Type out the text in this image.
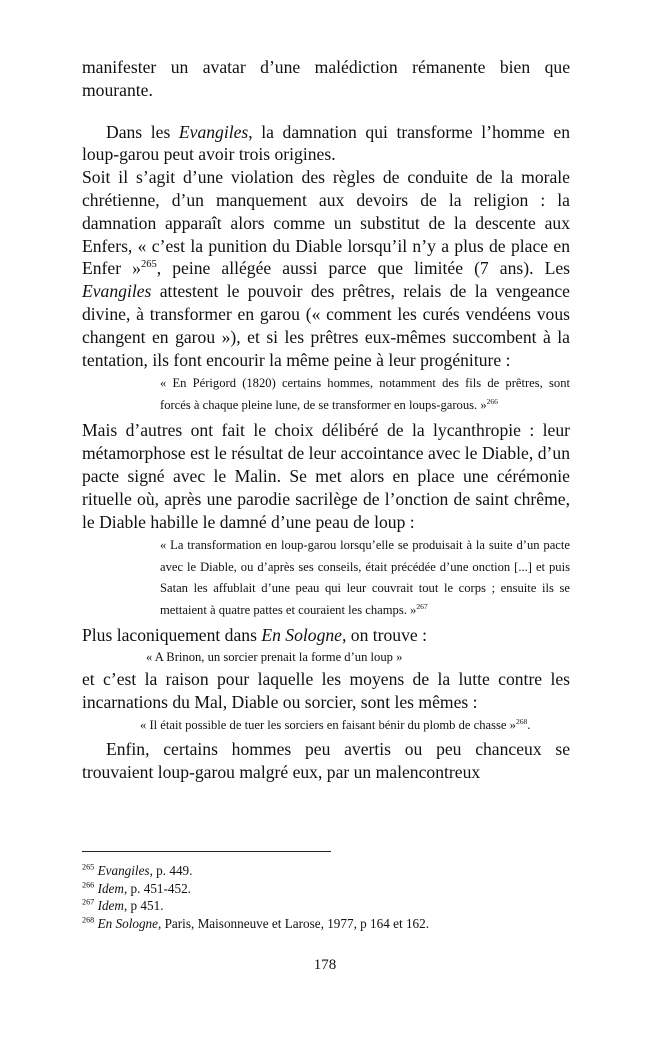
manifester un avatar d’une malédiction rémanente bien que mourante.

Dans les Evangiles, la damnation qui transforme l’homme en loup-garou peut avoir trois origines.

Soit il s’agit d’une violation des règles de conduite de la morale chrétienne, d’un manquement aux devoirs de la religion : la damnation apparaît alors comme un substitut de la descente aux Enfers, « c’est la punition du Diable lorsqu’il n’y a plus de place en Enfer »$^{265}$, peine allégée aussi parce que limitée (7 ans). Les Evangiles attestent le pouvoir des prêtres, relais de la vengeance divine, à transformer en garou (« comment les curés vendéens vous changent en garou »), et si les prêtres eux-mêmes succombent à la tentation, ils font encourir la même peine à leur progéniture :

« En Périgord (1820) certains hommes, notamment des fils de prêtres, sont forcés à chaque pleine lune, de se transformer en loups-garous. »$^{266}$

Mais d’autres ont fait le choix délibéré de la lycanthropie : leur métamorphose est le résultat de leur accointance avec le Diable, d’un pacte signé avec le Malin. Se met alors en place une cérémonie rituelle où, après une parodie sacrilège de l’onction de saint chrême, le Diable habille le damné d’une peau de loup :

« La transformation en loup-garou lorsqu’elle se produisait à la suite d’un pacte avec le Diable, ou d’après ses conseils, était précédée d’une onction [...] et puis Satan les affublait d’une peau qui leur couvrait tout le corps ; ensuite ils se mettaient à quatre pattes et couraient les champs. »$^{267}$

Plus laconiquement dans En Sologne, on trouve :

« A Brinon, un sorcier prenait la forme d’un loup »

et c’est la raison pour laquelle les moyens de la lutte contre les incarnations du Mal, Diable ou sorcier, sont les mêmes :

« Il était possible de tuer les sorciers en faisant bénir du plomb de chasse »$^{268}$.

Enfin, certains hommes peu avertis ou peu chanceux se trouvaient loup-garou malgré eux, par un malencontreux

$^{265}$ Evangiles, p. 449.
$^{266}$ Idem, p. 451-452.
$^{267}$ Idem, p 451.
$^{268}$ En Sologne, Paris, Maisonneuve et Larose, 1977, p 164 et 162.
178
